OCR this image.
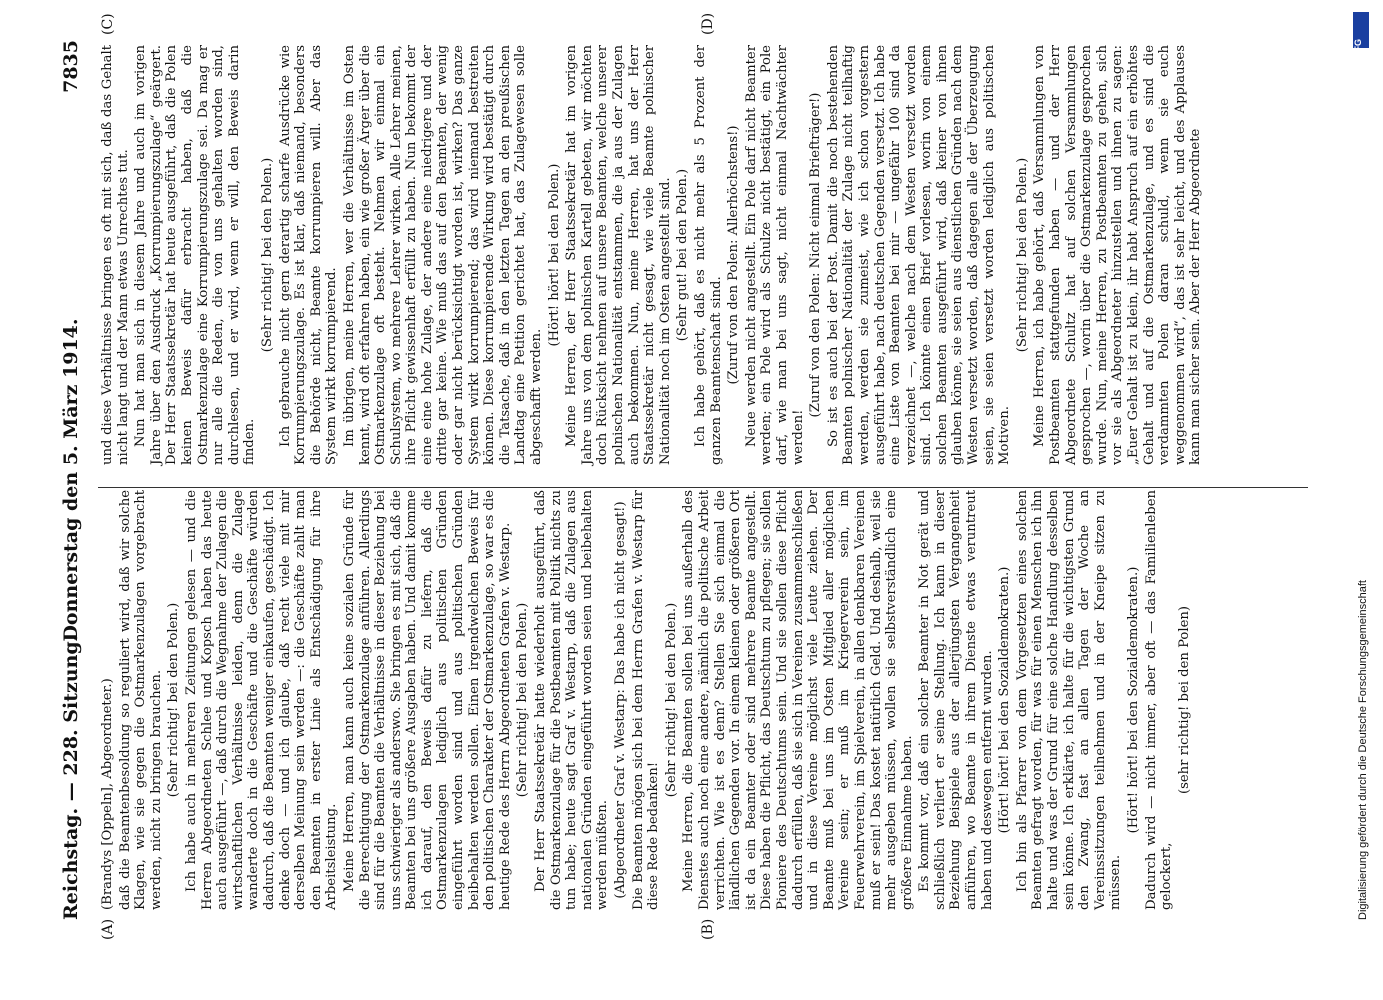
Reichstag. — 228. Sitzung.
Donnerstag den 5. März 1914.
7835
(A)	(B)
(C)	(D)

(Brandys [Oppeln], Abgeordneter.) daß die Beamtenbesoldung so reguliert wird, daß wir solche Klagen, wie sie gegen die Ostmarkenzulagen vorgebracht werden, nicht zu bringen brauchen. (Sehr richtig! bei den Polen.) Ich habe auch in mehreren Zeitungen gelesen — und die Herren Abgeordneten Schlee und Kopsch haben das heute auch ausgeführt —, daß durch die Wegnahme der Zulagen die wirtschaftlichen Verhältnisse leiden, denn die Zulage wanderte doch in die Geschäfte und die Geschäfte würden dadurch, daß die Beamten weniger einkaufen, geschädigt. Ich denke doch — und ich glaube, daß recht viele mit mir derselben Meinung sein werden —: die Geschäfte zahlt man den Beamten in erster Linie als Entschädigung für ihre Arbeitsleistung. Meine Herren, man kann auch keine sozialen Gründe für die Berechtigung der Ostmarkenzulage anführen. Allerdings sind für die Beamten die Verhältnisse in dieser Beziehung bei uns schwieriger als anderswo. Sie bringen es mit sich, daß die Beamten bei uns größere Ausgaben haben. Und damit komme ich darauf, den Beweis dafür zu liefern, daß die Ostmarkenzulagen lediglich aus politischen Gründen eingeführt worden sind und aus politischen Gründen beibehalten werden sollen. Einen irgendwelchen Beweis für den politischen Charakter der Ostmarkenzulage, so war es die heutige Rede des Herrn Abgeordneten Grafen v. Westarp. (Sehr richtig! bei den Polen.) Der Herr Staatssekretär hatte wiederholt ausgeführt, daß die Ostmarkenzulage für die Postbeamten mit Politik nichts zu tun habe; heute sagt Graf v. Westarp, daß die Zulagen aus nationalen Gründen eingeführt worden seien und beibehalten werden müßten. (Abgeordneter Graf v. Westarp: Das habe ich nicht gesagt!) Die Beamten mögen sich bei dem Herrn Grafen v. Westarp für diese Rede bedanken!

(Sehr richtig! bei den Polen.) Meine Herren, die Beamten sollen bei uns außerhalb des Dienstes auch noch eine andere, nämlich die politische Arbeit verrichten. Wie ist es denn? Stellen Sie sich einmal die ländlichen Gegenden vor. In einem kleinen oder größeren Ort ist da ein Beamter oder sind mehrere Beamte angestellt. Diese haben die Pflicht, das Deutschtum zu pflegen; sie sollen Pioniere des Deutschtums sein. Und sie sollen diese Pflicht dadurch erfüllen, daß sie sich in Vereinen zusammenschließen und in diese Vereine möglichst viele Leute ziehen. Der Beamte muß bei uns im Osten Mitglied aller möglichen Vereine sein; er muß im Kriegerverein sein, im Feuerwehrverein, im Spielverein, in allen denkbaren Vereinen muß er sein! Das kostet natürlich Geld. Und deshalb, weil sie mehr ausgeben müssen, wollen sie selbstverständlich eine größere Einnahme haben. Es kommt vor, daß ein solcher Beamter in Not gerät und schließlich verliert er seine Stellung. Ich kann in dieser Beziehung Beispiele aus der allerjüngsten Vergangenheit anführen, wo Beamte in ihrem Dienste etwas veruntreut haben und deswegen entfernt wurden. (Hört! hört! bei den Sozialdemokraten.) Ich bin als Pfarrer von dem Vorgesetzten eines solchen Beamten gefragt worden, für was für einen Menschen ich ihn halte und was der Grund für eine solche Handlung desselben sein könne. Ich erklärte, ich halte für die wichtigsten Grund den Zwang, fast an allen Tagen der Woche an Vereinssitzungen teilnehmen und in der Kneipe sitzen zu müssen.

(Hört! hört! bei den Sozialdemokraten.) Dadurch wird — nicht immer, aber oft — das Familienleben gelockert,

(sehr richtig! bei den Polen)

und diese Verhältnisse bringen es oft mit sich, daß das Gehalt nicht langt und der Mann etwas Unrechtes tut. Nun hat man sich in diesem Jahre und auch im vorigen Jahre über den Ausdruck „Korrumpierungszulage“ geärgert. Der Herr Staatssekretär hat heute ausgeführt, daß die Polen keinen Beweis dafür erbracht haben, daß die Ostmarkenzulage eine Korrumpierungszulage sei. Da mag er nur alle die Reden, die von uns gehalten worden sind, durchlesen, und er wird, wenn er will, den Beweis darin finden.

(Sehr richtig! bei den Polen.) Ich gebrauche nicht gern derartig scharfe Ausdrücke wie Korrumpierungszulage. Es ist klar, daß niemand, besonders die Behörde nicht, Beamte korrumpieren will. Aber das System wirkt korrumpierend. Im übrigen, meine Herren, wer die Verhältnisse im Osten kennt, wird oft erfahren haben, ein wie großer Ärger über die Ostmarkenzulage oft besteht. Nehmen wir einmal ein Schulsystem, wo mehrere Lehrer wirken. Alle Lehrer meinen, ihre Pflicht gewissenhaft erfüllt zu haben. Nun bekommt der eine eine hohe Zulage, der andere eine niedrigere und der dritte gar keine. Wie muß das auf den Beamten, der wenig oder gar nicht berücksichtigt worden ist, wirken? Das ganze System wirkt korrumpierend; das wird niemand bestreiten können. Diese korrumpierende Wirkung wird bestätigt durch die Tatsache, daß in den letzten Tagen an den preußischen Landtag eine Petition gerichtet hat, das Zulagewesen solle abgeschafft werden.

(Hört! hört! bei den Polen.) Meine Herren, der Herr Staatssekretär hat im vorigen Jahre uns von dem polnischen Kartell gebeten, wir möchten doch Rücksicht nehmen auf unsere Beamten, welche unserer polnischen Nationalität entstammen, die ja aus der Zulagen auch bekommen. Nun, meine Herren, hat uns der Herr Staatssekretär nicht gesagt, wie viele Beamte polnischer Nationalität noch im Osten angestellt sind. (Sehr gut! bei den Polen.) Ich habe gehört, daß es nicht mehr als 5 Prozent der ganzen Beamtenschaft sind. (Zuruf von den Polen: Allerhöchstens!) Neue werden nicht angestellt. Ein Pole darf nicht Beamter werden; ein Pole wird als Schulze nicht bestätigt, ein Pole darf, wie man bei uns sagt, nicht einmal Nachtwächter werden!

(Zuruf von den Polen: Nicht einmal Briefträger!) So ist es auch bei der Post. Damit die noch bestehenden Beamten polnischer Nationalität der Zulage nicht teilhaftig werden, werden sie zumeist, wie ich schon vorgestern ausgeführt habe, nach deutschen Gegenden versetzt. Ich habe eine Liste von Beamten bei mir — ungefähr 100 sind da verzeichnet —, welche nach dem Westen versetzt worden sind. Ich könnte einen Brief vorlesen, worin von einem solchen Beamten ausgeführt wird, daß keiner von ihnen glauben könne, sie seien aus dienstlichen Gründen nach dem Westen versetzt worden, daß dagegen alle der Überzeugung seien, sie seien versetzt worden lediglich aus politischen Motiven.

(Sehr richtig! bei den Polen.) Meine Herren, ich habe gehört, daß Versammlungen von Postbeamten stattgefunden haben — und der Herr Abgeordnete Schultz hat auf solchen Versammlungen gesprochen —, worin über die Ostmarkenzulage gesprochen wurde. Nun, meine Herren, zu Postbeamten zu gehen, sich vor sie als Abgeordneter hinzustellen und ihnen zu sagen: „Euer Gehalt ist zu klein, ihr habt Anspruch auf ein erhöhtes Gehalt und auf die Ostmarkenzulage, und es sind die verdammten Polen daran schuld, wenn sie euch weggenommen wird“, das ist sehr leicht, und des Applauses kann man sicher sein. Aber der Herr Abgeordnete

Digitalisierung gefördert durch die Deutsche Forschungsgemeinschaft
DFG
